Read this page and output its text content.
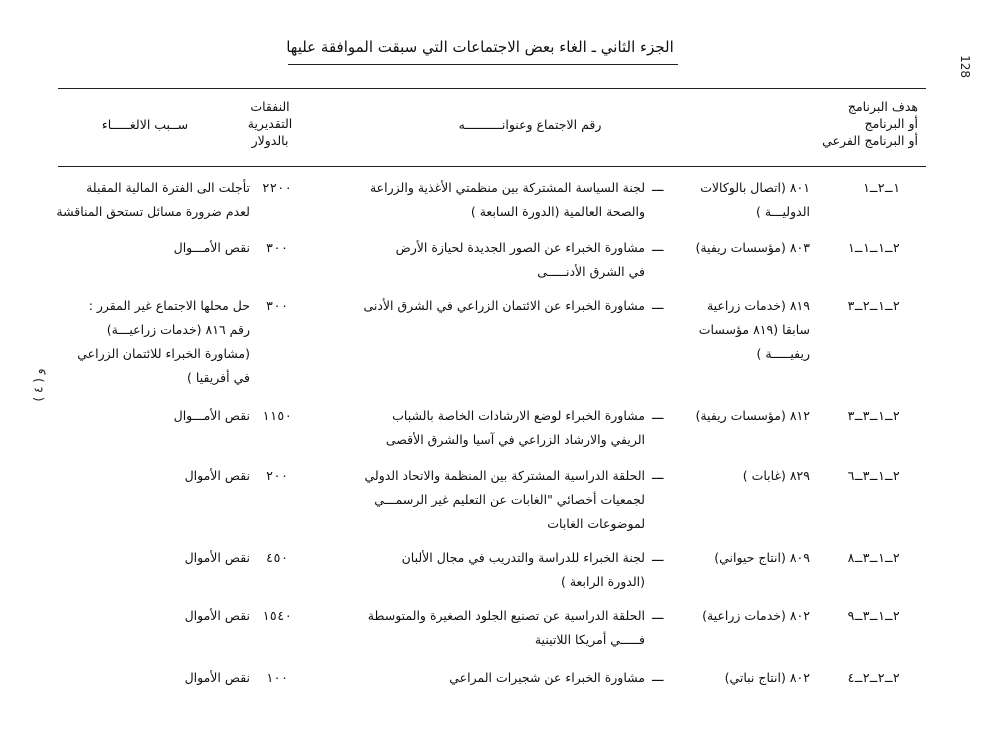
الجزء الثاني ـ الغاء بعض الاجتماعات التي سبقت الموافقة عليها
128
و ( ٤ )
هدف البرنامج
أو البرنامج
أو البرنامج الفرعي
رقم الاجتماع وعنوانــــــــــه
النفقات
التقديرية
بالدولار
ســبب الالغـــــاء
١ـ٢ـ١
٨٠١ (اتصال بالوكالات
الدوليـــة )
ـــ
لجنة السياسة المشتركة بين منظمتي الأغذية والزراعة
والصحة العالمية (الدورة السابعة )
٢٢٠٠
تأجلت الى الفترة المالية المقبلة
لعدم ضرورة مسائل تستحق المناقشة
٢ـ١ـ١ـ١
٨٠٣ (مؤسسات ريفية)
ـــ
مشاورة الخبراء عن الصور الجديدة لحيازة الأرض
في الشرق الأدنـــــى
٣٠٠
نقص الأمـــوال
٢ـ١ـ٢ـ٣
٨١٩ (خدمات زراعية
سابقا (٨١٩ مؤسسات
ريفيـــــة )
ـــ
مشاورة الخبراء عن الائتمان الزراعي في الشرق الأدنى
٣٠٠
حل محلها الاجتماع غير المقرر :
رقم ٨١٦ (خدمات زراعيـــة)
(مشاورة الخبراء للائتمان الزراعي
في أفريقيا )
٢ـ١ـ٣ـ٣
٨١٢ (مؤسسات ريفية)
ـــ
مشاورة الخبراء لوضع الارشادات الخاصة بالشباب
الريفي والارشاد الزراعي في آسيا والشرق الأقصى
١١٥٠
نقص الأمـــوال
٢ـ١ـ٣ـ٦
٨٢٩ (غابات )
ـــ
الحلقة الدراسية المشتركة بين المنظمة والاتحاد الدولي
لجمعيات أخصائي "الغابات عن التعليم غير الرسمـــي
لموضوعات الغابات
٢٠٠
نقص الأموال
٢ـ١ـ٣ـ٨
٨٠٩ (انتاج حيواني)
ـــ
لجنة الخبراء للدراسة والتدريب في مجال الألبان
(الدورة الرابعة )
٤٥٠
نقص الأموال
٢ـ١ـ٣ـ٩
٨٠٢ (خدمات زراعية)
ـــ
الحلقة الدراسية عن تصنيع الجلود الصغيرة والمتوسطة
فـــــي أمريكا اللاتينية
١٥٤٠
نقص الأموال
٢ـ٢ـ٢ـ٤
٨٠٢ (انتاج نباتي)
ـــ
مشاورة الخبراء عن شجيرات المراعي
١٠٠
نقص الأموال
